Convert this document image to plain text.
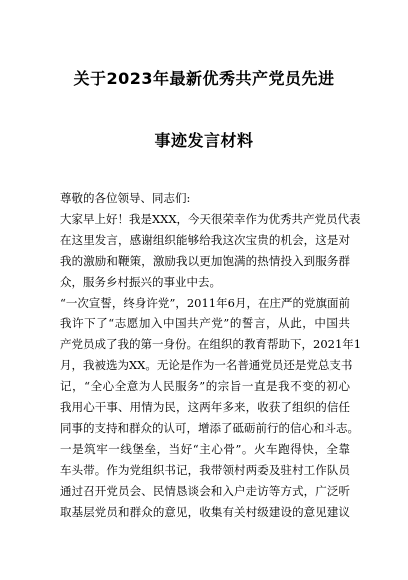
关于2023年最新优秀共产党员先进
事迹发言材料
尊敬的各位领导、同志们:
大家早上好！我是XXX，今天很荣幸作为优秀共产党员代表
在这里发言，感谢组织能够给我这次宝贵的机会，这是对
我的激励和鞭策，激励我以更加饱满的热情投入到服务群
众，服务乡村振兴的事业中去。
“一次宣誓，终身许党”，2011年6月，在庄严的党旗面前
我许下了“志愿加入中国共产党”的誓言，从此，中国共
产党员成了我的第一身份。在组织的教育帮助下，2021年1
月，我被选为XX。无论是作为一名普通党员还是党总支书
记，“全心全意为人民服务”的宗旨一直是我不变的初心
我用心干事、用情为民，这两年多来，收获了组织的信任
同事的支持和群众的认可，增添了砥砺前行的信心和斗志。
一是筑牢一线堡垒，当好“主心骨”。火车跑得快，全靠
车头带。作为党组织书记，我带领村两委及驻村工作队员
通过召开党员会、民情恳谈会和入户走访等方式，广泛听
取基层党员和群众的意见，收集有关村级建设的意见建议
